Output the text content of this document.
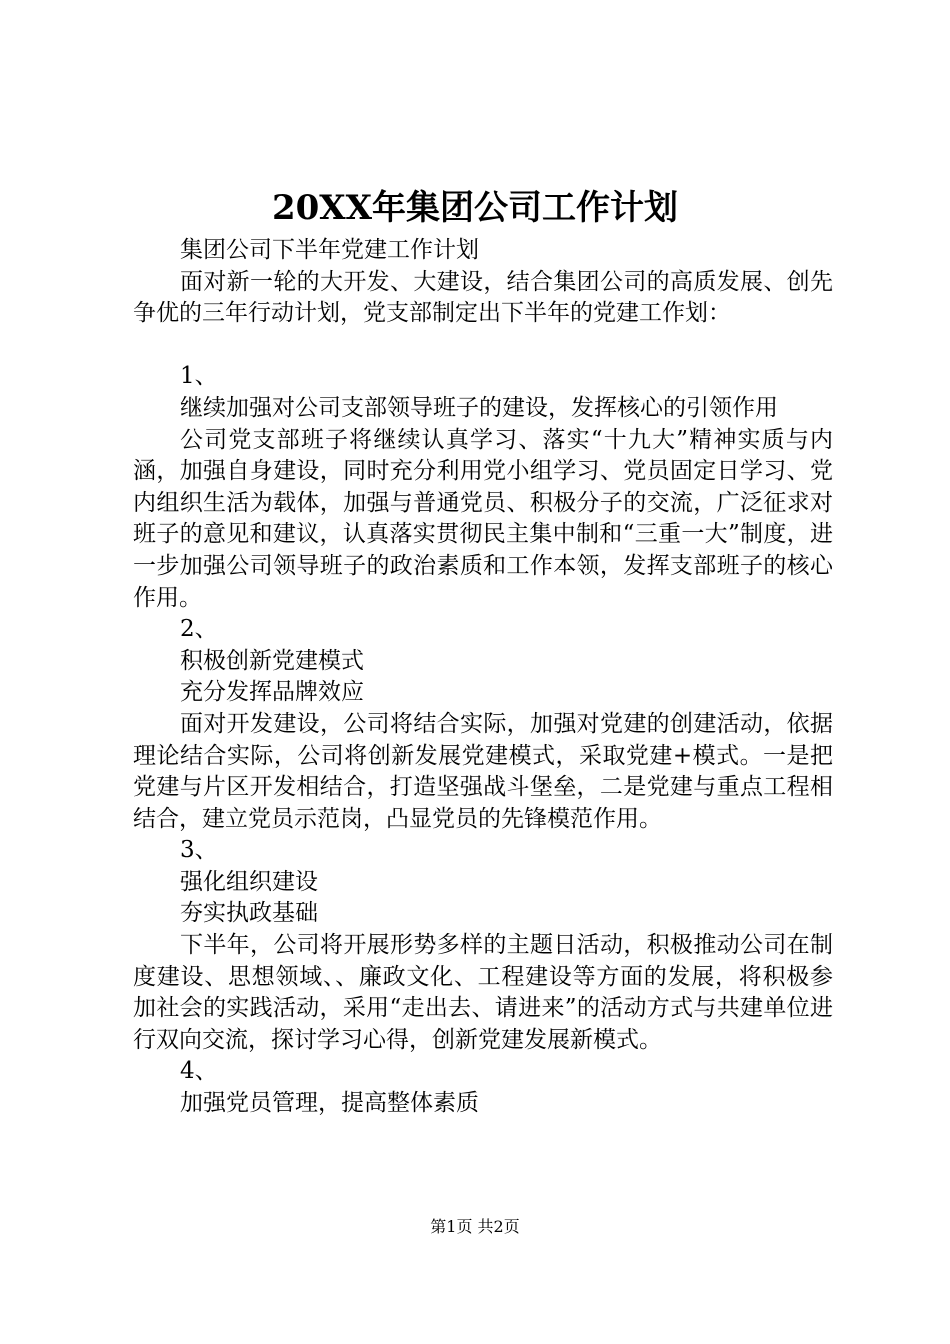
20XX年集团公司工作计划

集团公司下半年党建工作计划

面对新一轮的大开发、大建设，结合集团公司的高质发展、创先争优的三年行动计划，党支部制定出下半年的党建工作划：

1、

继续加强对公司支部领导班子的建设，发挥核心的引领作用

公司党支部班子将继续认真学习、落实“十九大”精神实质与内涵，加强自身建设，同时充分利用党小组学习、党员固定日学习、党内组织生活为载体，加强与普通党员、积极分子的交流，广泛征求对班子的意见和建议，认真落实贯彻民主集中制和“三重一大”制度，进一步加强公司领导班子的政治素质和工作本领，发挥支部班子的核心作用。

2、

积极创新党建模式

充分发挥品牌效应

面对开发建设，公司将结合实际，加强对党建的创建活动，依据理论结合实际，公司将创新发展党建模式，采取党建+模式。一是把党建与片区开发相结合，打造坚强战斗堡垒，二是党建与重点工程相结合，建立党员示范岗，凸显党员的先锋模范作用。

3、

强化组织建设

夯实执政基础

下半年，公司将开展形势多样的主题日活动，积极推动公司在制度建设、思想领域、、廉政文化、工程建设等方面的发展，将积极参加社会的实践活动，采用“走出去、请进来”的活动方式与共建单位进行双向交流，探讨学习心得，创新党建发展新模式。

4、

加强党员管理，提高整体素质

第1页 共2页
